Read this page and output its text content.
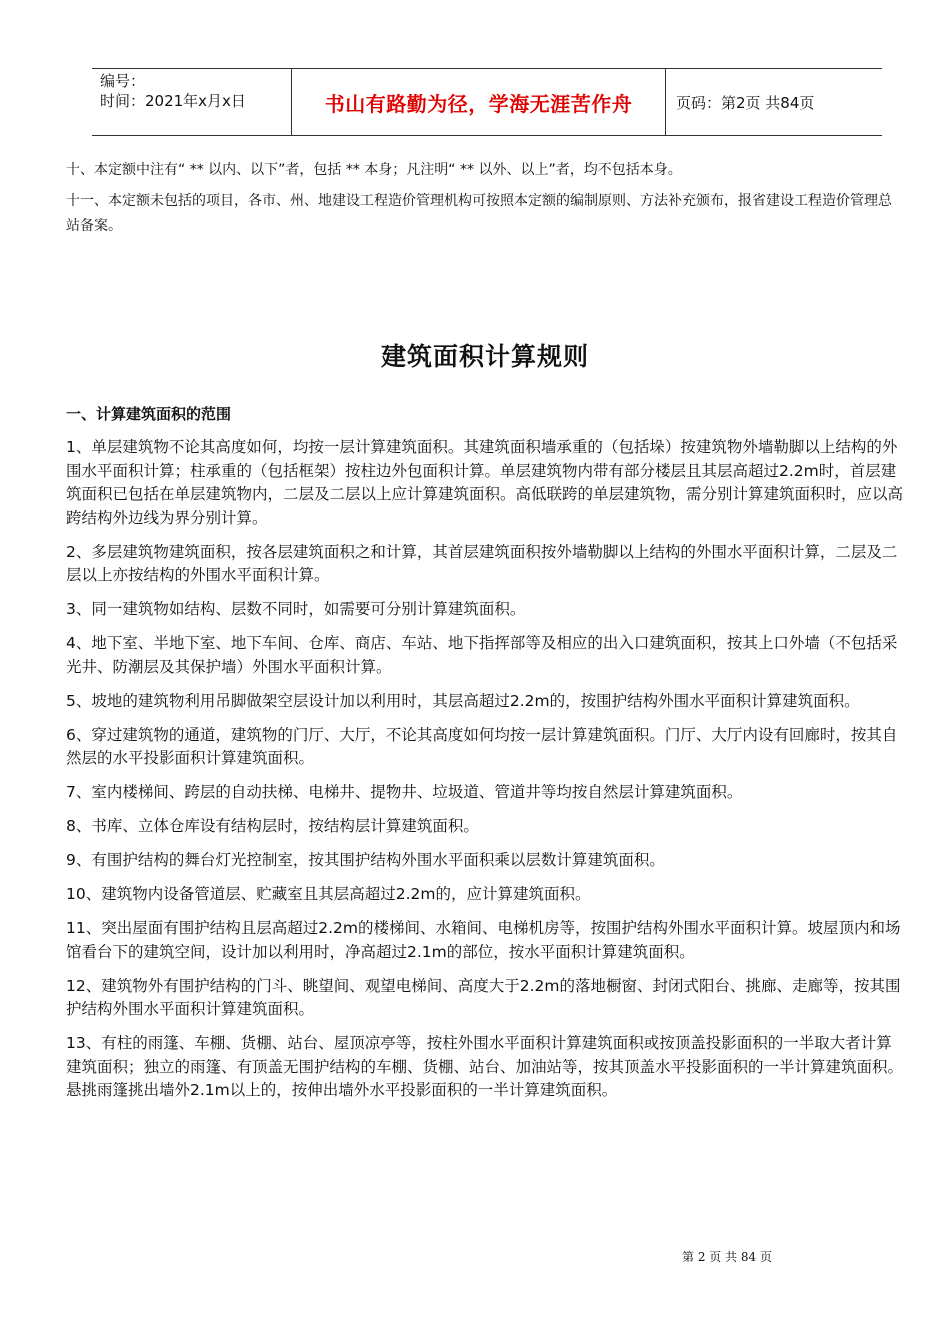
编号：
时间：2021年x月x日	书山有路勤为径，学海无涯苦作舟	页码：第2页 共84页

十、本定额中注有“ ** 以内、以下”者，包括 ** 本身；凡注明“ ** 以外、以上”者，均不包括本身。

十一、本定额未包括的项目，各市、州、地建设工程造价管理机构可按照本定额的编制原则、方法补充颁布，报省建设工程造价管理总站备案。

建筑面积计算规则
一、计算建筑面积的范围

1、单层建筑物不论其高度如何，均按一层计算建筑面积。其建筑面积墙承重的（包括垛）按建筑物外墙勒脚以上结构的外围水平面积计算；柱承重的（包括框架）按柱边外包面积计算。单层建筑物内带有部分楼层且其层高超过2.2m时，首层建筑面积已包括在单层建筑物内，二层及二层以上应计算建筑面积。高低联跨的单层建筑物，需分别计算建筑面积时，应以高跨结构外边线为界分别计算。

2、多层建筑物建筑面积，按各层建筑面积之和计算，其首层建筑面积按外墙勒脚以上结构的外围水平面积计算，二层及二层以上亦按结构的外围水平面积计算。

3、同一建筑物如结构、层数不同时，如需要可分别计算建筑面积。

4、地下室、半地下室、地下车间、仓库、商店、车站、地下指挥部等及相应的出入口建筑面积，按其上口外墙（不包括采光井、防潮层及其保护墙）外围水平面积计算。

5、坡地的建筑物利用吊脚做架空层设计加以利用时，其层高超过2.2m的，按围护结构外围水平面积计算建筑面积。

6、穿过建筑物的通道，建筑物的门厅、大厅，不论其高度如何均按一层计算建筑面积。门厅、大厅内设有回廊时，按其自然层的水平投影面积计算建筑面积。

7、室内楼梯间、跨层的自动扶梯、电梯井、提物井、垃圾道、管道井等均按自然层计算建筑面积。

8、书库、立体仓库设有结构层时，按结构层计算建筑面积。

9、有围护结构的舞台灯光控制室，按其围护结构外围水平面积乘以层数计算建筑面积。

10、建筑物内设备管道层、贮藏室且其层高超过2.2m的，应计算建筑面积。

11、突出屋面有围护结构且层高超过2.2m的楼梯间、水箱间、电梯机房等，按围护结构外围水平面积计算。坡屋顶内和场馆看台下的建筑空间，设计加以利用时，净高超过2.1m的部位，按水平面积计算建筑面积。

12、建筑物外有围护结构的门斗、眺望间、观望电梯间、高度大于2.2m的落地橱窗、封闭式阳台、挑廊、走廊等，按其围护结构外围水平面积计算建筑面积。

13、有柱的雨篷、车棚、货棚、站台、屋顶凉亭等，按柱外围水平面积计算建筑面积或按顶盖投影面积的一半取大者计算建筑面积；独立的雨篷、有顶盖无围护结构的车棚、货棚、站台、加油站等，按其顶盖水平投影面积的一半计算建筑面积。悬挑雨篷挑出墙外2.1m以上的，按伸出墙外水平投影面积的一半计算建筑面积。

第 2 页 共 84 页
